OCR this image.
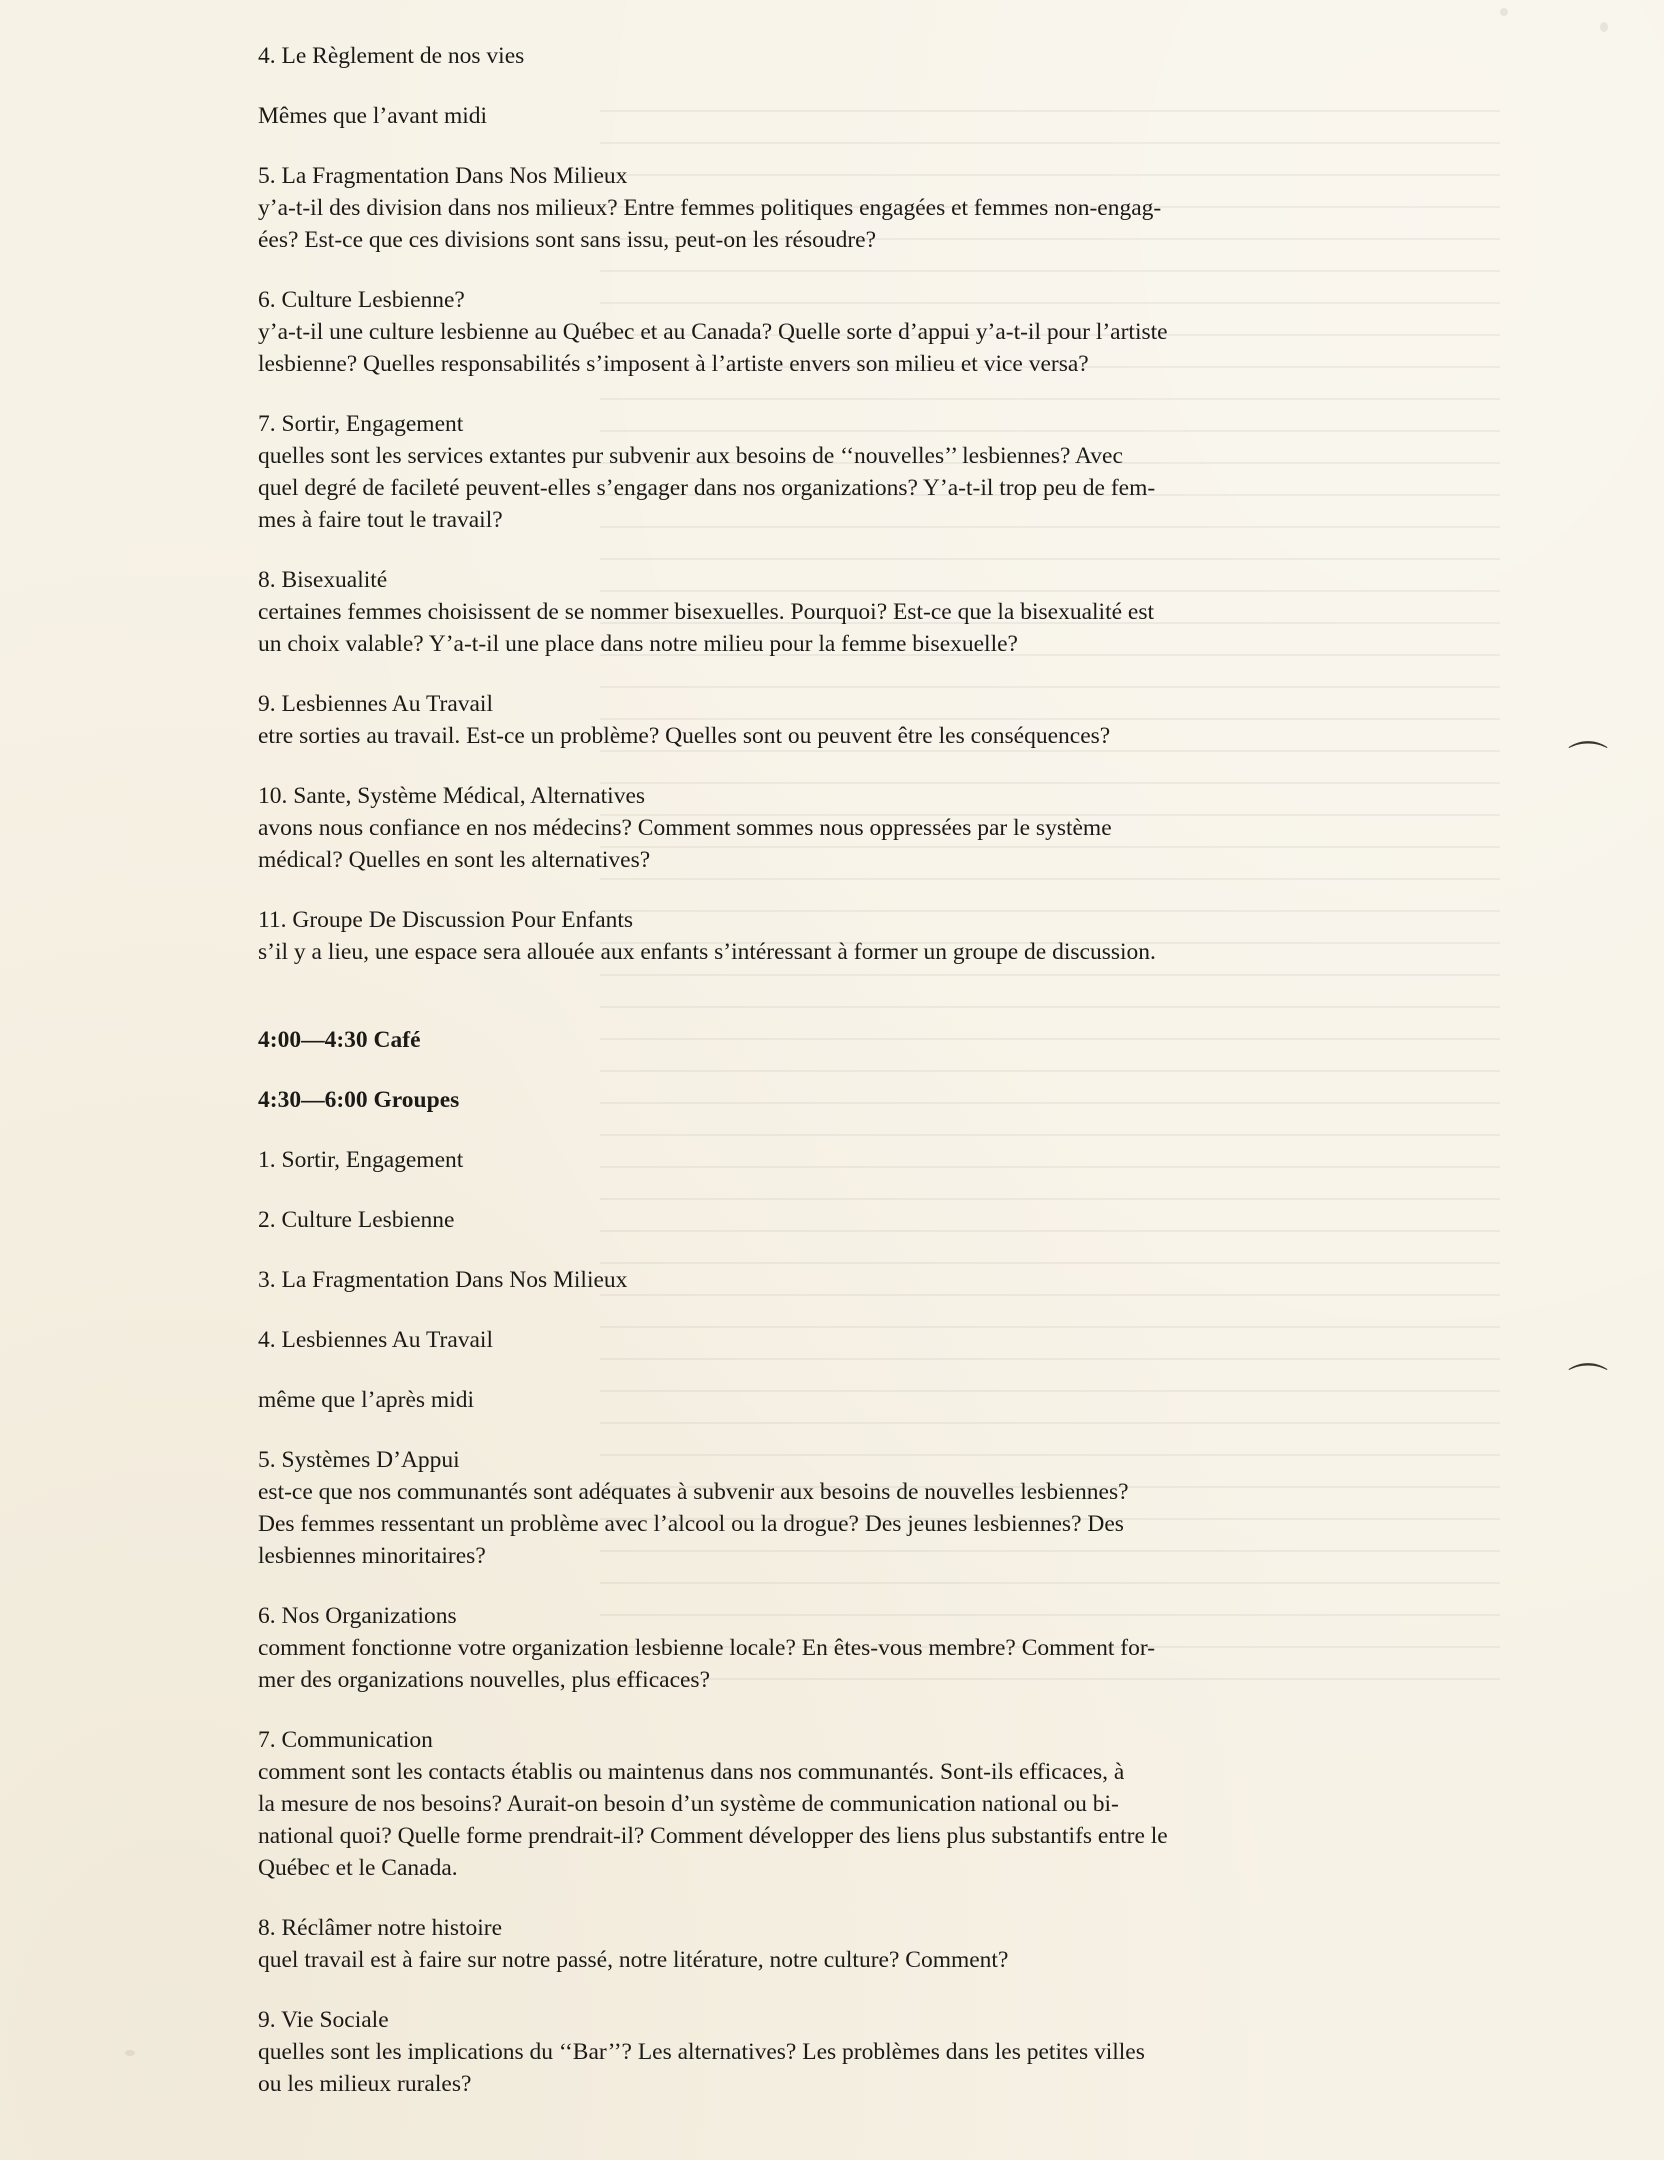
⌒
⌒
4. Le Règlement de nos vies
Mêmes que l’avant midi
5. La Fragmentation Dans Nos Milieux
y’a-t-il des division dans nos milieux? Entre femmes politiques engagées et femmes non-engag-
ées? Est-ce que ces divisions sont sans issu, peut-on les résoudre?
6. Culture Lesbienne?
y’a-t-il une culture lesbienne au Québec et au Canada? Quelle sorte d’appui y’a-t-il pour l’artiste
lesbienne? Quelles responsabilités s’imposent à l’artiste envers son milieu et vice versa?
7. Sortir, Engagement
quelles sont les services extantes pur subvenir aux besoins de ‘‘nouvelles’’ lesbiennes? Avec
quel degré de facileté peuvent-elles s’engager dans nos organizations? Y’a-t-il trop peu de fem-
mes à faire tout le travail?
8. Bisexualité
certaines femmes choisissent de se nommer bisexuelles. Pourquoi? Est-ce que la bisexualité est
un choix valable? Y’a-t-il une place dans notre milieu pour la femme bisexuelle?
9. Lesbiennes Au Travail
etre sorties au travail. Est-ce un problème? Quelles sont ou peuvent être les conséquences?
10. Sante, Système Médical, Alternatives
avons nous confiance en nos médecins? Comment sommes nous oppressées par le système
médical? Quelles en sont les alternatives?
11. Groupe De Discussion Pour Enfants
s’il y a lieu, une espace sera allouée aux enfants s’intéressant à former un groupe de discussion.
4:00—4:30 Café
4:30—6:00 Groupes
1. Sortir, Engagement
2. Culture Lesbienne
3. La Fragmentation Dans Nos Milieux
4. Lesbiennes Au Travail
même que l’après midi
5. Systèmes D’Appui
est-ce que nos communantés sont adéquates à subvenir aux besoins de nouvelles lesbiennes?
Des femmes ressentant un problème avec l’alcool ou la drogue? Des jeunes lesbiennes? Des
lesbiennes minoritaires?
6. Nos Organizations
comment fonctionne votre organization lesbienne locale? En êtes-vous membre? Comment for-
mer des organizations nouvelles, plus efficaces?
7. Communication
comment sont les contacts établis ou maintenus dans nos communantés. Sont-ils efficaces, à
la mesure de nos besoins? Aurait-on besoin d’un système de communication national ou bi-
national quoi? Quelle forme prendrait-il? Comment développer des liens plus substantifs entre le
Québec et le Canada.
8. Réclâmer notre histoire
quel travail est à faire sur notre passé, notre litérature, notre culture? Comment?
9. Vie Sociale
quelles sont les implications du ‘‘Bar’’? Les alternatives? Les problèmes dans les petites villes
ou les milieux rurales?
